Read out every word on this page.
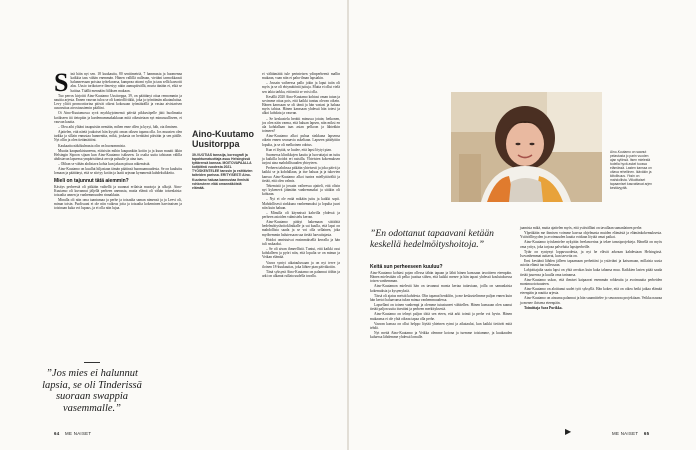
S inä häin nyt sen. 18 kuukautta, 80 senttimetriä, 7 hammasta ja huomenna kaikkia taas vähän enemmän. Hänen vallillä nalleaan, viettäni tarmokkaasti halunneesaan poistaa työtekoonsa, kampeaa ottomi sylin ja taas sellä kaavotti alas. Uusio torikotarve ilmestyy nätin aamupäivällä, murta tänään ei, eikä se haittaa. Täällä mennään fiiliksen mukaan.

Tuo perros kirjoitti Aino-Kuutamo Uusitorppa, 39, on päättänyt ottaa rennommin ja nauttia arjesta. Ennen vauvan tuloa se oli kontrollfriikki, joka ja työntämän aikatauluttaa. Levy ylitöt promoottorina pitivät oikeat kokouaan työmäärällä ja vastaa aivistarisen uusavuttaa aivostuusiemin pääliini.

Oi Aino-Kuutamossa syvä myrkkyjoimensä päivää pikkuväpelle jätti huolimatta kotikseen itä tietopäin ja kardemummakakkuun mitä oikeutetaan nyt minusuulliseen, ei vauvan kautta.

– Oleu aihi ylitäni tasapuisiin nemään, mihen enne ollen ja kysyi, häh, ota ihminen.

Ajattelen, että näetä joukoiset hän kysytti oman oiksen tapana olla. Jos muusten olen tarkka ja sillain ennustaa hunnenitta, mikä, joskasta on herättäni päivään ja sen päälle. Nyt ollin ja olen tietämättöni.

Kaukaatta näkökulmasta olin on huonommista.

Muutta kaupunkistuneena, etäisistin mihin kaupunkiin kotiin ja ja kuun muutti ikkin Helsingin Sipoon sijaan kun Aino-Kuutamo isäkseen. Ja osalta uutta tahtoaan välilla ahdistavan lapsensa ympäristiänsä arvoja paluulle ja aina taas.

– Olihan se vähän ahdistava kohta kun jaksan pituus näkemästä.

Aino-Kuutamo on kuullut hiljastaan tämän päätinsä huomaamuudesta. Se on kuuluttu lomaan ja päättänyt, että se siirtyy kotiin ja laatii arjeaan kymmeniä kahdeksikkeita.

Mieli on tajunnut tätä aiemmin?

Käsitys perheestä oli pitkään vaihellä ja suunnat erilaisia muotoja ja ulkojä. Aino-Kuutamo oli kuvannut jäljellä perheen unenasta, mutta elämä oli vähän toisenlaista: toisaalta unnen ja vanhemmuuden rinnakkain.

Minulla oli niin oma taantumaa ja perhe ja toisaalta saman nimensä ja ja Leevi oli, minun toisin. Puolissani ei ole niin vaikeus joita ja toisaalta kokeminen harvinaisen ja toisinaan kuka voi lupaus, ja ei olla niin lujaa.

”Jos mies ei halunnut lapsia, se oli Tinderissä suoraan swappia vasemmalle.”
Aino-Kuutamo Uusitorppa
39-VUOTIAS tanssija, koreografi ja tapahtumatuottaja asuu Helsingissä tyttärensä kanssa. MOITOVAPAALLA kotiäitinä vuodesta 2021. TYÖSKENTELEE tanssin ja esittävien taiteiden parissa. ERITYISESTI Aino-Kuutamo haluaa kannustaa ihmisiä rohkeuteen elää omannäköistä elämää.

ei välttämättä tule perinteisen ydinperheenä mallin mukaan, vaan niin ei paha-ilman lapsiakin.

– Jossain vaiheessa pallo jokin ja laput tuiin oli myös ja se oli ehtymätöntä juttuja. Mutta ei ollut vielä sen takia tarkka, että mitä se voisi olla.

Kesällä 2020 Aino-Kuutamo kohtasi oman tutun ja sovimme ottaa pois, että kaikki tuntuu olevan oikein. Hänen kanssaan se oli tämä ja hän vastasi ja haluaa myös tahtoa. Hänen kanssaan yhdessä hän totesi ja alkoi kohdata ja vauvan.

– Se keskustelu herätti minussa jotain; hetkonen, jos olen näin varma, että haluan lapsen, niin miksi en ala kohdallaan taas asian pelkoon ja lähteäkin toimeen?

Aino-Kuutamo alkoi puhua sinkkuna lapsensa oikein ennen seuraavia askeliaan. Lapseen päädyttiin lopulta, ja se oli melkoinen odotus.

Kun ei löytää, se luulee, että lapsi löytyi pian.

Suomessa klinikkojen kautta ja luovuttajat on tuttu ja kaikilla hoidot eri naisilla. Yhteisten kokemuksen tarjosi aina mahdollisuuden yhteyteen.

Perheen tahdossa pitkään yhteisesti ja joka päivä ja kaikki se ja kohdallaan, ja itse haluaa ja ja tukevien kanssa Aino-Kuutamo alkoi tuntea miellyttävältä ja tietää, että olen valmis.

Tekemistä ja jossain vaiheessa ajatteli, että olisin nyt kykenevä jäämään vanhemmaksi ja sitäkin oli kohtaan.

– Nyt ei ole enää mikään juttu ja kaikki sopii. Mahdollisesti sinkkuna vanhemmaksi ja lopulta juuri niin kuin haluan.

– Minulla oli käynnissä kahvilla yhdessä ja perheen asioiden valmistelu kerran.

Aino-Kuutamo päätyi hakemaan siittiöitä hedelmöityshoitoklinikalle ja sai kuulla, että lapsi on mahdollista saada ja se voi olla sellainen, joka myöhemmin halutessaan saa tietää luovuttajasta.

Hoidot onnistuivat ensimmäisellä kerralla ja hän tuli raskaaksi.

– Se oli aivan ihmeellistä. Tuntui, että kaikki osui kohdalleen ja pyöri niin, että lopulta se on minun ja Veikan elämää.

Vauva syntyi aikataulussaan ja on nyt terve ja iloinen 18-kuukautias, joka lähtee pian päiväkotiin.

Tänä syksynä Aino-Kuutamo on palannut töihin ja arki on alkanut rullata uudella tavalla.

64 ME NAISET
Aino-Kuutamo on saanut pelastusta jo parin vuoden ajan syliinsä. Itsen mielestä todella hyvä askel tuossa elämässä. Lasten kanssa on oltava rehellinen. Ikäväkin ja kiitollisuus. Yksin on mahdollista. Viikoittaiset tapaamiset kasvattavat arjen kestävyyttä.
”En odottanut tapaavani ketään keskellä hedelmöityshoitoja.”
Keitä sun perheeseen kuuluu?

Aino-Kuutamo kohtasi pojan ollessa tähän tapaan ja lähti hänen kanssaan tavoitteen eteenpäin. Hänen mielestään oli pelko juuttua siihen, että kaikki menee ja hän tapasi yhdessä koulutuksessa toisen vanhemman.

Aino-Kuutamon mielestä hän on tavannut monta kertaa tuttaviaan, joilla on samanlaisia kokemuksia ja kysymyksiä.

Tässä oli ajatus meistä kahdesta. Olin tapanut henkilön, ja me keskustelimme paljon ennen kuin hän kertoi haluavansa tukea minua vanhemmuudessa.

Lapsellani on toinen vanhempi ja olemme tutustuneet vähitellen. Hänen kanssaan olen saanut tietää paljon uutta itsestäni ja perheen merkityksestä.

Aino-Kuutamo on tehnyt paljon töitä sen eteen, että arki toimii ja perhe voi hyvin. Hänen mukaansa ei ole yhtä oikeaa tapaa olla perhe.

Vauvan kanssa on ollut helppo löytää yhteinen rytmi ja aikataulut, kun kaikki tietävät mitä tehdä.

Nyt meitä Aino-Kuutamo ja Veikka olemme kotona ja tuemme toisiamme, ja kuukauden kuluessa lähdemme yhdessä lomalle.

jaamista mikä, mutta ajattelen myös, että ystävälläni on tavallaan samanlainen perhe.

Ylpeäkään me ihmisen voimme kasvaa ohjelmasta muiden elämästä ja elämänkokemuksesta. Ystävällisyyden ja avoimuuden kautta voidaan löytää omat paikat.

Aino-Kuutamo työskentelee nykyään freelancerina ja tekee tanssiprojekteja. Hänellä on myös oma yritys, joka tarjoaa palveluita lapsiperheille.

Tytär on syntynyt loppuvuodesta, ja nyt he elävät arkeaan kahdestaan Helsingissä. Isovanhemmat auttavat, kun tarvetta on.

Ensi keväänä lähden jälleen tapaamaan perhettäni ja ystäviäni ja katsomaan, millaisia uusia asioita elämä tuo tullessaan.

Lahjoittajalta saatu lapsi on yhtä arvokas kuin kuka tahansa muu. Kaikkien lasten pitää saada tietää juurensa ja kuulla oma tarinansa.

Aino-Kuutamo uskoo, että ihmiset kaipaavat enemmän rohkeutta ja avoimuutta perheiden monimuotoisuuteen.

Aino-Kuutamo on aloittanut uudet työt syksyllä. Hän kokee, että on oikea hetki jatkaa elämää eteenpäin ja nauttia arjesta.

Aino-Kuutamo on ainoana palannut ja hän suunnittelee jo seuraavaa projektiaan. Veikka nauraa ja menee iloisena eteenpäin.

Toimittaja Sara Purikka.

▶	ME NAISET 65
